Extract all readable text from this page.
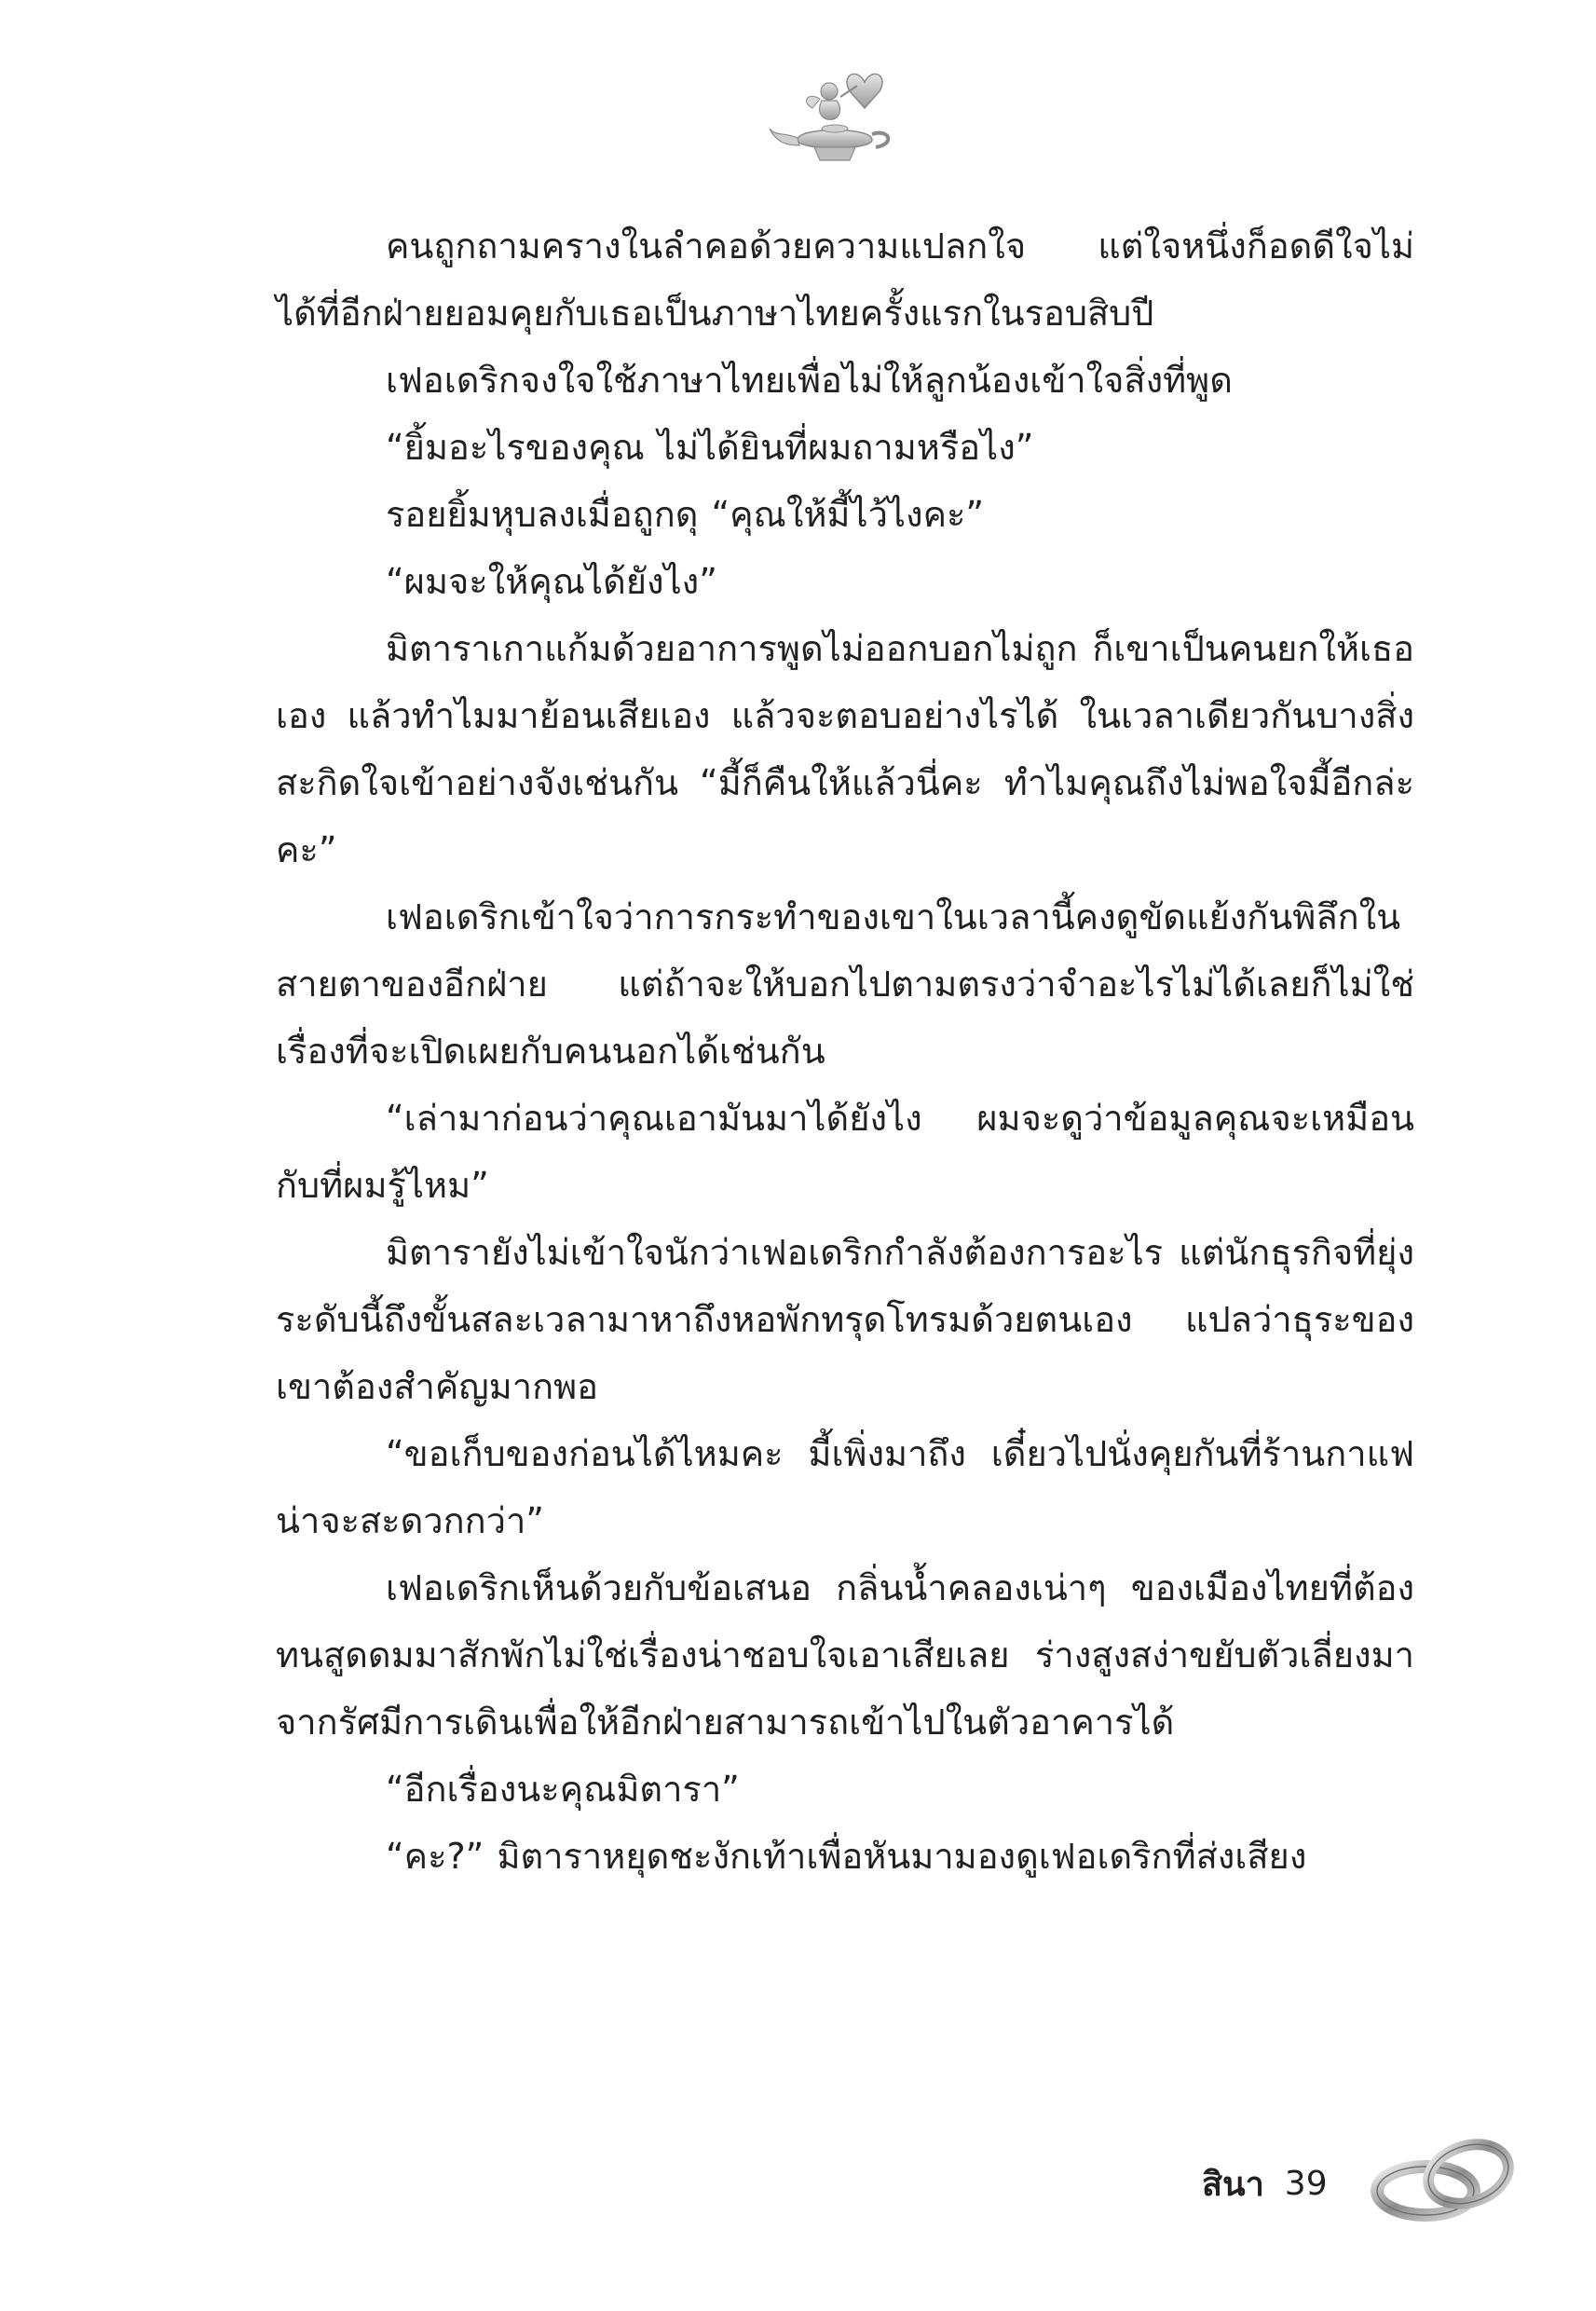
คนถูกถามครางในลำคอด้วยความแปลกใจ แต่ใจหนึ่งก็อดดีใจไม่ได้ที่อีกฝ่ายยอมคุยกับเธอเป็นภาษาไทยครั้งแรกในรอบสิบปี

เฟอเดริกจงใจใช้ภาษาไทยเพื่อไม่ให้ลูกน้องเข้าใจสิ่งที่พูด

“ยิ้มอะไรของคุณ ไม่ได้ยินที่ผมถามหรือไง”

รอยยิ้มหุบลงเมื่อถูกดุ “คุณให้มี้ไว้ไงคะ”

“ผมจะให้คุณได้ยังไง”

มิตาราเกาแก้มด้วยอาการพูดไม่ออกบอกไม่ถูก ก็เขาเป็นคนยกให้เธอเอง แล้วทำไมมาย้อนเสียเอง แล้วจะตอบอย่างไรได้ ในเวลาเดียวกันบางสิ่งสะกิดใจเข้าอย่างจังเช่นกัน “มี้ก็คืนให้แล้วนี่คะ ทำไมคุณถึงไม่พอใจมี้อีกล่ะคะ”

เฟอเดริกเข้าใจว่าการกระทำของเขาในเวลานี้คงดูขัดแย้งกันพิลึกในสายตาของอีกฝ่าย แต่ถ้าจะให้บอกไปตามตรงว่าจำอะไรไม่ได้เลยก็ไม่ใช่เรื่องที่จะเปิดเผยกับคนนอกได้เช่นกัน

“เล่ามาก่อนว่าคุณเอามันมาได้ยังไง ผมจะดูว่าข้อมูลคุณจะเหมือนกับที่ผมรู้ไหม”

มิตารายังไม่เข้าใจนักว่าเฟอเดริกกำลังต้องการอะไร แต่นักธุรกิจที่ยุ่งระดับนี้ถึงขั้นสละเวลามาหาถึงหอพักทรุดโทรมด้วยตนเอง แปลว่าธุระของเขาต้องสำคัญมากพอ

“ขอเก็บของก่อนได้ไหมคะ มี้เพิ่งมาถึง เดี๋ยวไปนั่งคุยกันที่ร้านกาแฟน่าจะสะดวกกว่า”

เฟอเดริกเห็นด้วยกับข้อเสนอ กลิ่นน้ำคลองเน่าๆ ของเมืองไทยที่ต้องทนสูดดมมาสักพักไม่ใช่เรื่องน่าชอบใจเอาเสียเลย ร่างสูงสง่าขยับตัวเลี่ยงมาจากรัศมีการเดินเพื่อให้อีกฝ่ายสามารถเข้าไปในตัวอาคารได้

“อีกเรื่องนะคุณมิตารา”

“คะ?” มิตาราหยุดชะงักเท้าเพื่อหันมามองดูเฟอเดริกที่ส่งเสียง

สินา 39
